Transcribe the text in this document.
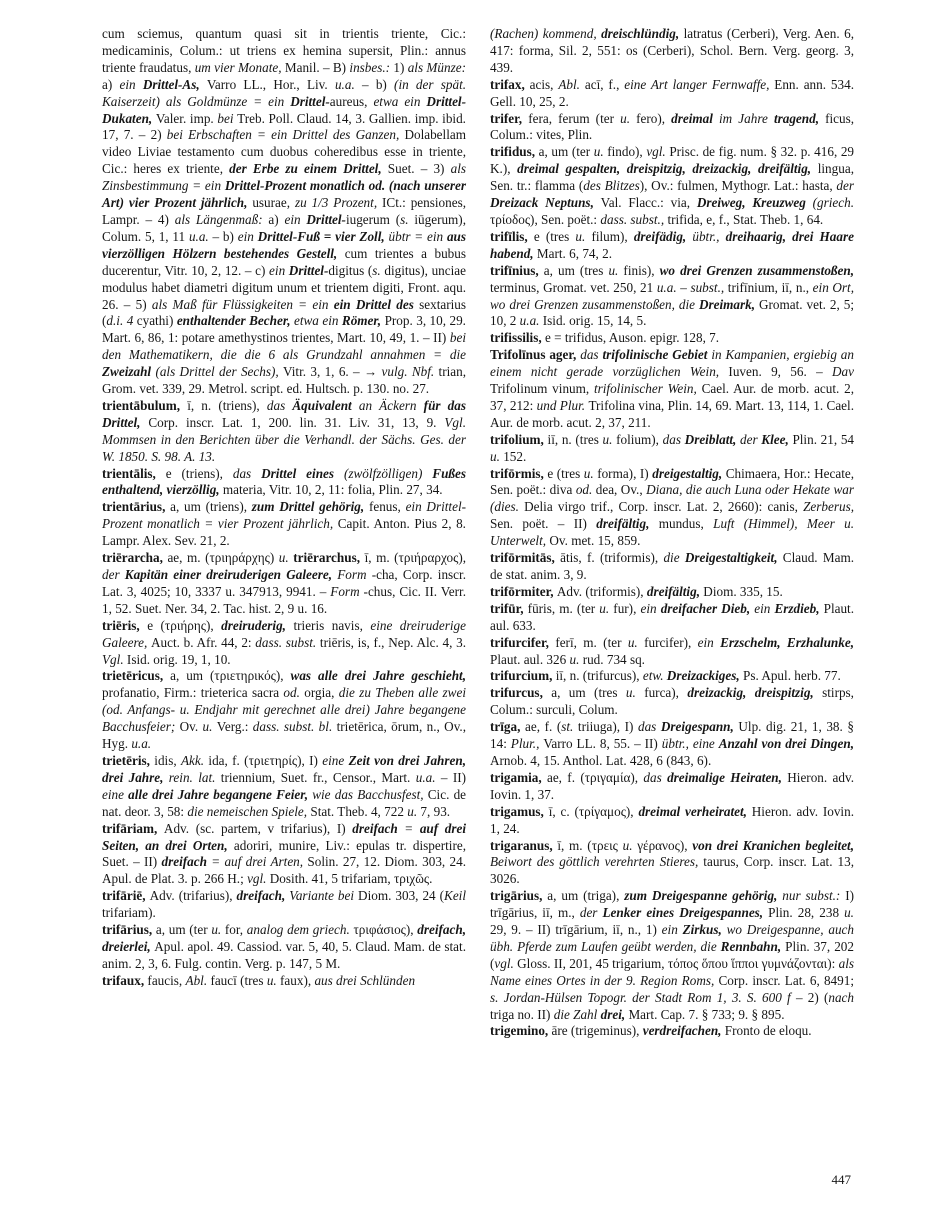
cum sciemus, quantum quasi sit in trientis triente, Cic.: medicaminis, Colum.: ut triens ex hemina supersit, Plin.: annus triente fraudatus, um vier Monate, Manil. – B) insbes.: 1) als Münze: a) ein Drittel-As, Varro LL., Hor., Liv. u.a. – b) (in der spät. Kaiserzeit) als Goldmünze = ein Drittel-aureus, etwa ein Drittel-Dukaten, Valer. imp. bei Treb. Poll. Claud. 14, 3. Gallien. imp. ibid. 17, 7. – 2) bei Erbschaften = ein Drittel des Ganzen, Dolabellam video Liviae testamento cum duobus coheredibus esse in triente, Cic.: heres ex triente, der Erbe zu einem Drittel, Suet. – 3) als Zinsbestimmung = ein Drittel-Prozent monatlich od. (nach unserer Art) vier Prozent jährlich, usurae, zu 1/3 Prozent, ICt.: pensiones, Lampr. – 4) als Längenmaß: a) ein Drittel-iugerum (s. iūgerum), Colum. 5, 1, 11 u.a. – b) ein Drittel-Fuß = vier Zoll, übtr = ein aus vierzölligen Hölzern bestehendes Gestell, cum trientes a bubus ducerentur, Vitr. 10, 2, 12. – c) ein Drittel-digitus (s. digitus), unciae modulus habet diametri digitum unum et trientem digiti, Front. aqu. 26. – 5) als Maß für Flüssigkeiten = ein ein Drittel des sextarius (d.i. 4 cyathi) enthaltender Becher, etwa ein Römer, Prop. 3, 10, 29. Mart. 6, 86, 1: potare amethystinos trientes, Mart. 10, 49, 1. – II) bei den Mathematikern, die die 6 als Grundzahl annahmen = die Zweizahl (als Drittel der Sechs), Vitr. 3, 1, 6. – → vulg. Nbf. trian, Grom. vet. 339, 29. Metrol. script. ed. Hultsch. p. 130. no. 27.

trientābulum, ī, n. (triens), das Äquivalent an Äckern für das Drittel, Corp. inscr. Lat. 1, 200. lin. 31. Liv. 31, 13, 9. Vgl. Mommsen in den Berichten über die Verhandl. der Sächs. Ges. der W. 1850. S. 98. A. 13.

trientālis, e (triens), das Drittel eines (zwölfzölligen) Fußes enthaltend, vierzöllig, materia, Vitr. 10, 2, 11: folia, Plin. 27, 34.

trientārius, a, um (triens), zum Drittel gehörig, fenus, ein Drittel-Prozent monatlich = vier Prozent jährlich, Capit. Anton. Pius 2, 8. Lampr. Alex. Sev. 21, 2.

triērarcha, ae, m. (τριηράρχης) u. triērarchus, ī, m. (τριήραρχος), der Kapitän einer dreiruderigen Galeere, Form -cha, Corp. inscr. Lat. 3, 4025; 10, 3337 u. 347913, 9941. – Form -chus, Cic. II. Verr. 1, 52. Suet. Ner. 34, 2. Tac. hist. 2, 9 u. 16.

triēris, e (τριήρης), dreiruderig, trieris navis, eine dreiruderige Galeere, Auct. b. Afr. 44, 2: dass. subst. triēris, is, f., Nep. Alc. 4, 3. Vgl. Isid. orig. 19, 1, 10.

trietēricus, a, um (τριετηρικός), was alle drei Jahre geschieht, profanatio, Firm.: trieterica sacra od. orgia, die zu Theben alle zwei (od. Anfangs- u. Endjahr mit gerechnet alle drei) Jahre begangene Bacchusfeier; Ov. u. Verg.: dass. subst. bl. trietērica, ōrum, n., Ov., Hyg. u.a.

trietēris, idis, Akk. ida, f. (τριετηρίς), I) eine Zeit von drei Jahren, drei Jahre, rein. lat. triennium, Suet. fr., Censor., Mart. u.a. – II) eine alle drei Jahre begangene Feier, wie das Bacchusfest, Cic. de nat. deor. 3, 58: die nemeischen Spiele, Stat. Theb. 4, 722 u. 7, 93.

trifāriam, Adv. (sc. partem, v trifarius), I) dreifach = auf drei Seiten, an drei Orten, adoriri, munire, Liv.: epulas tr. dispertire, Suet. – II) dreifach = auf drei Arten, Solin. 27, 12. Diom. 303, 24. Apul. de Plat. 3. p. 266 H.; vgl. Dosith. 41, 5 trifariam, τριχῶς.

trifāriē, Adv. (trifarius), dreifach, Variante bei Diom. 303, 24 (Keil trifariam).

trifārius, a, um (ter u. for, analog dem griech. τριφάσιος), dreifach, dreierlei, Apul. apol. 49. Cassiod. var. 5, 40, 5. Claud. Mam. de stat. anim. 2, 3, 6. Fulg. contin. Verg. p. 147, 5 M.

trifaux, faucis, Abl. faucī (tres u. faux), aus drei Schlünden

(Rachen) kommend, dreischlündig, latratus (Cerberi), Verg. Aen. 6, 417: forma, Sil. 2, 551: os (Cerberi), Schol. Bern. Verg. georg. 3, 439.

trifax, acis, Abl. acī, f., eine Art langer Fernwaffe, Enn. ann. 534. Gell. 10, 25, 2.

trifer, fera, ferum (ter u. fero), dreimal im Jahre tragend, ficus, Colum.: vites, Plin.

trifidus, a, um (ter u. findo), vgl. Prisc. de fig. num. § 32. p. 416, 29 K.), dreimal gespalten, dreispitzig, dreizackig, dreifältig, lingua, Sen. tr.: flamma (des Blitzes), Ov.: fulmen, Mythogr. Lat.: hasta, der Dreizack Neptuns, Val. Flacc.: via, Dreiweg, Kreuzweg (griech. τρίοδος), Sen. poët.: dass. subst., trifida, e, f., Stat. Theb. 1, 64.

trifīlis, e (tres u. filum), dreifädig, übtr., dreihaarig, drei Haare habend, Mart. 6, 74, 2.

trifīnius, a, um (tres u. finis), wo drei Grenzen zusammenstoßen, terminus, Gromat. vet. 250, 21 u.a. – subst., trifīnium, iī, n., ein Ort, wo drei Grenzen zusammenstoßen, die Dreimark, Gromat. vet. 2, 5; 10, 2 u.a. Isid. orig. 15, 14, 5.

trifissilis, e = trifidus, Auson. epigr. 128, 7.

Trifolīnus ager, das trifolinische Gebiet in Kampanien, ergiebig an einem nicht gerade vorzüglichen Wein, Iuven. 9, 56. – Dav Trifolinum vinum, trifolinischer Wein, Cael. Aur. de morb. acut. 2, 37, 212: und Plur. Trifolina vina, Plin. 14, 69. Mart. 13, 114, 1. Cael. Aur. de morb. acut. 2, 37, 211.

trifolium, iī, n. (tres u. folium), das Dreiblatt, der Klee, Plin. 21, 54 u. 152.

trifōrmis, e (tres u. forma), I) dreigestaltig, Chimaera, Hor.: Hecate, Sen. poët.: diva od. dea, Ov., Diana, die auch Luna oder Hekate war (dies. Delia virgo trif., Corp. inscr. Lat. 2, 2660): canis, Zerberus, Sen. poët. – II) dreifältig, mundus, Luft (Himmel), Meer u. Unterwelt, Ov. met. 15, 859.

trifōrmitās, ātis, f. (triformis), die Dreigestaltigkeit, Claud. Mam. de stat. anim. 3, 9.

trifōrmiter, Adv. (triformis), dreifältig, Diom. 335, 15.

trifūr, fūris, m. (ter u. fur), ein dreifacher Dieb, ein Erzdieb, Plaut. aul. 633.

trifurcifer, ferī, m. (ter u. furcifer), ein Erzschelm, Erzhalunke, Plaut. aul. 326 u. rud. 734 sq.

trifurcium, iī, n. (trifurcus), etw. Dreizackiges, Ps. Apul. herb. 77.

trifurcus, a, um (tres u. furca), dreizackig, dreispitzig, stirps, Colum.: surculi, Colum.

trīga, ae, f. (st. triiuga), I) das Dreigespann, Ulp. dig. 21, 1, 38. § 14: Plur., Varro LL. 8, 55. – II) übtr., eine Anzahl von drei Dingen, Arnob. 4, 15. Anthol. Lat. 428, 6 (843, 6).

trigamia, ae, f. (τριγαμία), das dreimalige Heiraten, Hieron. adv. Iovin. 1, 37.

trigamus, ī, c. (τρίγαμος), dreimal verheiratet, Hieron. adv. Iovin. 1, 24.

trigaranus, ī, m. (τρεις u. γέρανος), von drei Kranichen begleitet, Beiwort des göttlich verehrten Stieres, taurus, Corp. inscr. Lat. 13, 3026.

trigārius, a, um (triga), zum Dreigespanne gehörig, nur subst.: I) trīgārius, iī, m., der Lenker eines Dreigespannes, Plin. 28, 238 u. 29, 9. – II) trīgārium, iī, n., 1) ein Zirkus, wo Dreigespanne, auch übh. Pferde zum Laufen geübt werden, die Rennbahn, Plin. 37, 202 (vgl. Gloss. II, 201, 45 trigarium, τόπος ὅπου ἵπποι γυμνάζονται): als Name eines Ortes in der 9. Region Roms, Corp. inscr. Lat. 6, 8491; s. Jordan-Hülsen Topogr. der Stadt Rom 1, 3. S. 600 f – 2) (nach triga no. II) die Zahl drei, Mart. Cap. 7. § 733; 9. § 895.

trigemino, āre (trigeminus), verdreifachen, Fronto de eloqu.

447
